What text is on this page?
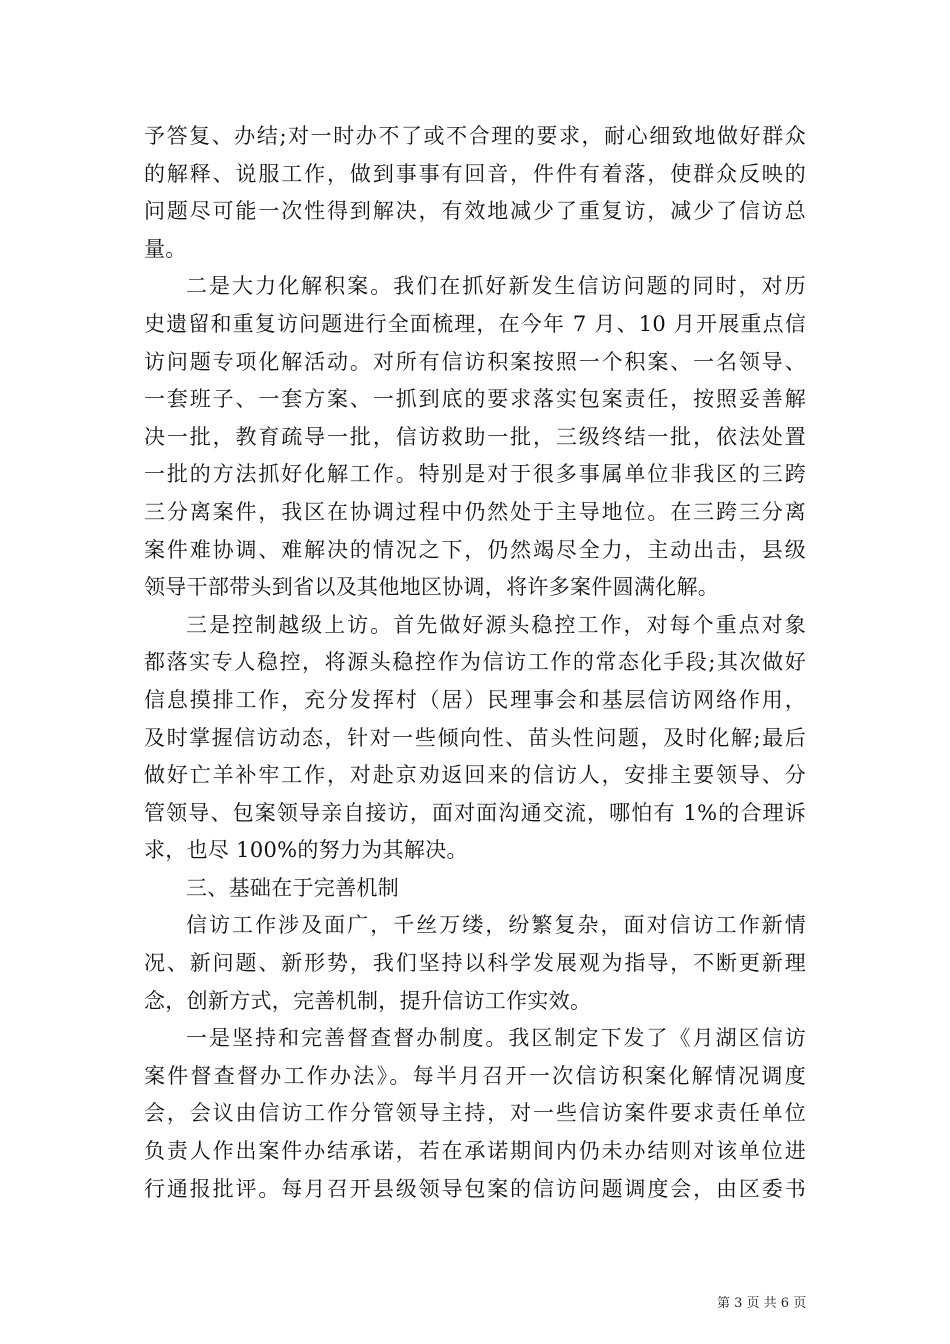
予答复、办结;对一时办不了或不合理的要求，耐心细致地做好群众
的解释、说服工作，做到事事有回音，件件有着落，使群众反映的
问题尽可能一次性得到解决，有效地减少了重复访，减少了信访总
量。
二是大力化解积案。我们在抓好新发生信访问题的同时，对历
史遗留和重复访问题进行全面梳理，在今年 7 月、10 月开展重点信
访问题专项化解活动。对所有信访积案按照一个积案、一名领导、
一套班子、一套方案、一抓到底的要求落实包案责任，按照妥善解
决一批，教育疏导一批，信访救助一批，三级终结一批，依法处置
一批的方法抓好化解工作。特别是对于很多事属单位非我区的三跨
三分离案件，我区在协调过程中仍然处于主导地位。在三跨三分离
案件难协调、难解决的情况之下，仍然竭尽全力，主动出击，县级
领导干部带头到省以及其他地区协调，将许多案件圆满化解。
三是控制越级上访。首先做好源头稳控工作，对每个重点对象
都落实专人稳控，将源头稳控作为信访工作的常态化手段;其次做好
信息摸排工作，充分发挥村（居）民理事会和基层信访网络作用，
及时掌握信访动态，针对一些倾向性、苗头性问题，及时化解;最后
做好亡羊补牢工作，对赴京劝返回来的信访人，安排主要领导、分
管领导、包案领导亲自接访，面对面沟通交流，哪怕有 1%的合理诉
求，也尽 100%的努力为其解决。
三、基础在于完善机制
信访工作涉及面广，千丝万缕，纷繁复杂，面对信访工作新情
况、新问题、新形势，我们坚持以科学发展观为指导，不断更新理
念，创新方式，完善机制，提升信访工作实效。
一是坚持和完善督查督办制度。我区制定下发了《月湖区信访
案件督查督办工作办法》。每半月召开一次信访积案化解情况调度
会，会议由信访工作分管领导主持，对一些信访案件要求责任单位
负责人作出案件办结承诺，若在承诺期间内仍未办结则对该单位进
行通报批评。每月召开县级领导包案的信访问题调度会，由区委书
第 3 页 共 6 页
